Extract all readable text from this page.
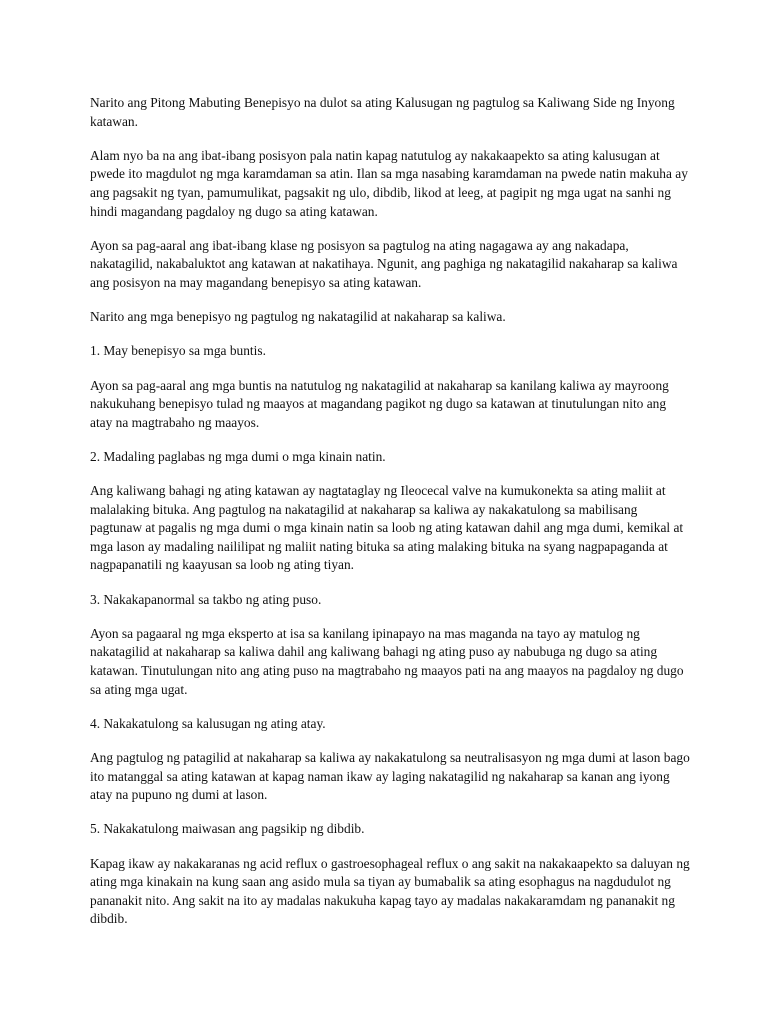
Narito ang Pitong Mabuting Benepisyo na dulot sa ating Kalusugan ng pagtulog sa Kaliwang Side ng Inyong katawan.

Alam nyo ba na ang ibat-ibang posisyon pala natin kapag natutulog ay nakakaapekto sa ating kalusugan at pwede ito magdulot ng mga karamdaman sa atin. Ilan sa mga nasabing karamdaman na pwede natin makuha ay ang pagsakit ng tyan, pamumulikat, pagsakit ng ulo, dibdib, likod at leeg, at pagipit ng mga ugat na sanhi ng hindi magandang pagdaloy ng dugo sa ating katawan.

Ayon sa pag-aaral ang ibat-ibang klase ng posisyon sa pagtulog na ating nagagawa ay ang nakadapa, nakatagilid, nakabaluktot ang katawan at nakatihaya. Ngunit, ang paghiga ng nakatagilid nakaharap sa kaliwa ang posisyon na may magandang benepisyo sa ating katawan.

Narito ang mga benepisyo ng pagtulog ng nakatagilid at nakaharap sa kaliwa.

1. May benepisyo sa mga buntis.

Ayon sa pag-aaral ang mga buntis na natutulog ng nakatagilid at nakaharap sa kanilang kaliwa ay mayroong nakukuhang benepisyo tulad ng maayos at magandang pagikot ng dugo sa katawan at tinutulungan nito ang atay na magtrabaho ng maayos.

2. Madaling paglabas ng mga dumi o mga kinain natin.

Ang kaliwang bahagi ng ating katawan ay nagtataglay ng Ileocecal valve na kumukonekta sa ating maliit at malalaking bituka. Ang pagtulog na nakatagilid at nakaharap sa kaliwa ay nakakatulong sa mabilisang pagtunaw at pagalis ng mga dumi o mga kinain natin sa loob ng ating katawan dahil ang mga dumi, kemikal at mga lason ay madaling naililipat ng maliit nating bituka sa ating malaking bituka na syang nagpapaganda at nagpapanatili ng kaayusan sa loob ng ating tiyan.

3. Nakakapanormal sa takbo ng ating puso.

Ayon sa pagaaral ng mga eksperto at isa sa kanilang ipinapayo na mas maganda na tayo ay matulog ng nakatagilid at nakaharap sa kaliwa dahil ang kaliwang bahagi ng ating puso ay nabubuga ng dugo sa ating katawan. Tinutulungan nito ang ating puso na magtrabaho ng maayos pati na ang maayos na pagdaloy ng dugo sa ating mga ugat.

4. Nakakatulong sa kalusugan ng ating atay.

Ang pagtulog ng patagilid at nakaharap sa kaliwa ay nakakatulong sa neutralisasyon ng mga dumi at lason bago ito matanggal sa ating katawan at kapag naman ikaw ay laging nakatagilid ng nakaharap sa kanan ang iyong atay na pupuno ng dumi at lason.

5. Nakakatulong maiwasan ang pagsikip ng dibdib.

Kapag ikaw ay nakakaranas ng acid reflux o gastroesophageal reflux o ang sakit na nakakaapekto sa daluyan ng ating mga kinakain na kung saan ang asido mula sa tiyan ay bumabalik sa ating esophagus na nagdudulot ng pananakit nito. Ang sakit na ito ay madalas nakukuha kapag tayo ay madalas nakakaramdam ng pananakit ng dibdib.
